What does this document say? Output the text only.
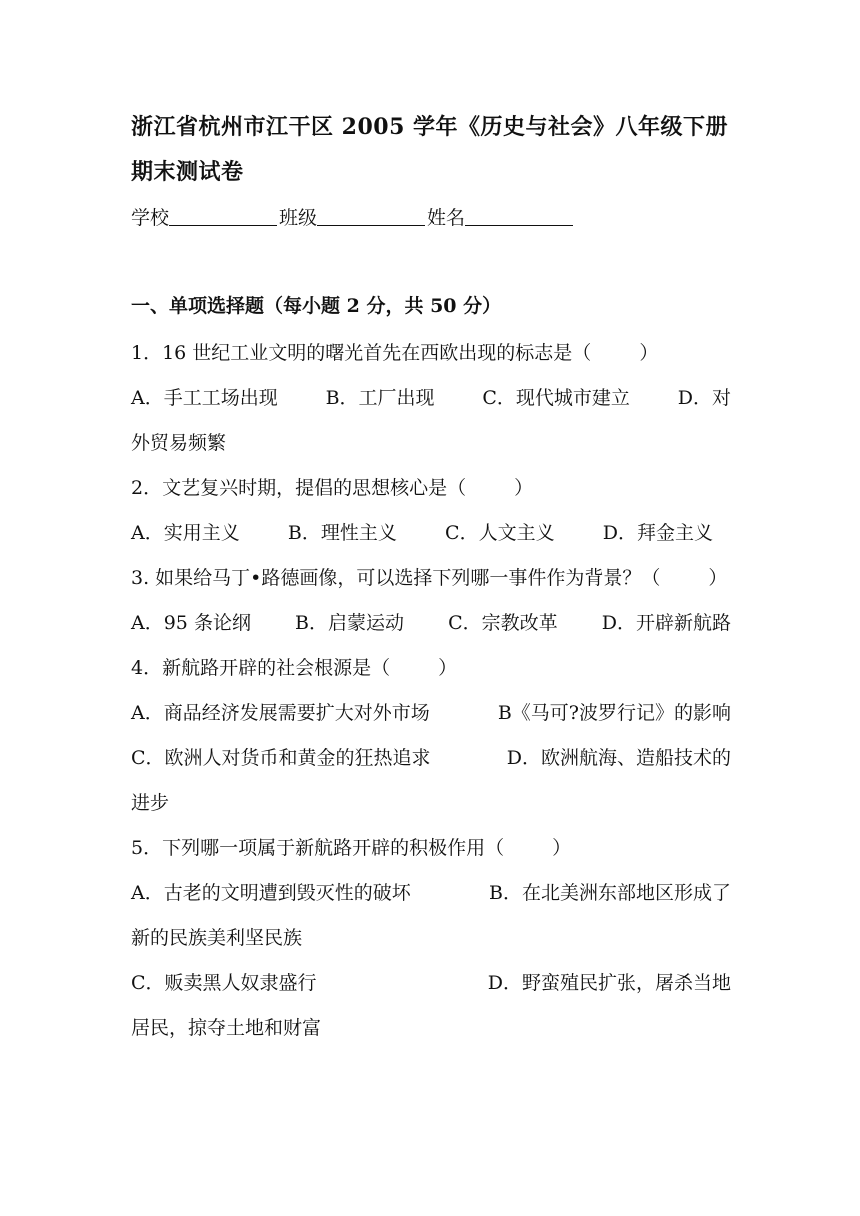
浙江省杭州市江干区 2005 学年《历史与社会》八年级下册
期末测试卷
学校	班级	姓名
一、单项选择题（每小题 2 分，共 50 分）
1．16 世纪工业文明的曙光首先在西欧出现的标志是（	）
A．手工工场出现	B．工厂出现	C．现代城市建立	D．对
外贸易频繁
2．文艺复兴时期，提倡的思想核心是（	）
A．实用主义	B．理性主义	C．人文主义	D．拜金主义
3. 如果给马丁•路德画像，可以选择下列哪一事件作为背景？（	）
A．95 条论纲 B．启蒙运动 C．宗教改革 D．开辟新航路
4．新航路开辟的社会根源是（	）
A．商品经济发展需要扩大对外市场	B《马可?波罗行记》的影响
C．欧洲人对货币和黄金的狂热追求	D．欧洲航海、造船技术的
进步
5．下列哪一项属于新航路开辟的积极作用（	）
A．古老的文明遭到毁灭性的破坏	B．在北美洲东部地区形成了
新的民族美利坚民族
C．贩卖黑人奴隶盛行	D．野蛮殖民扩张，屠杀当地
居民，掠夺土地和财富
